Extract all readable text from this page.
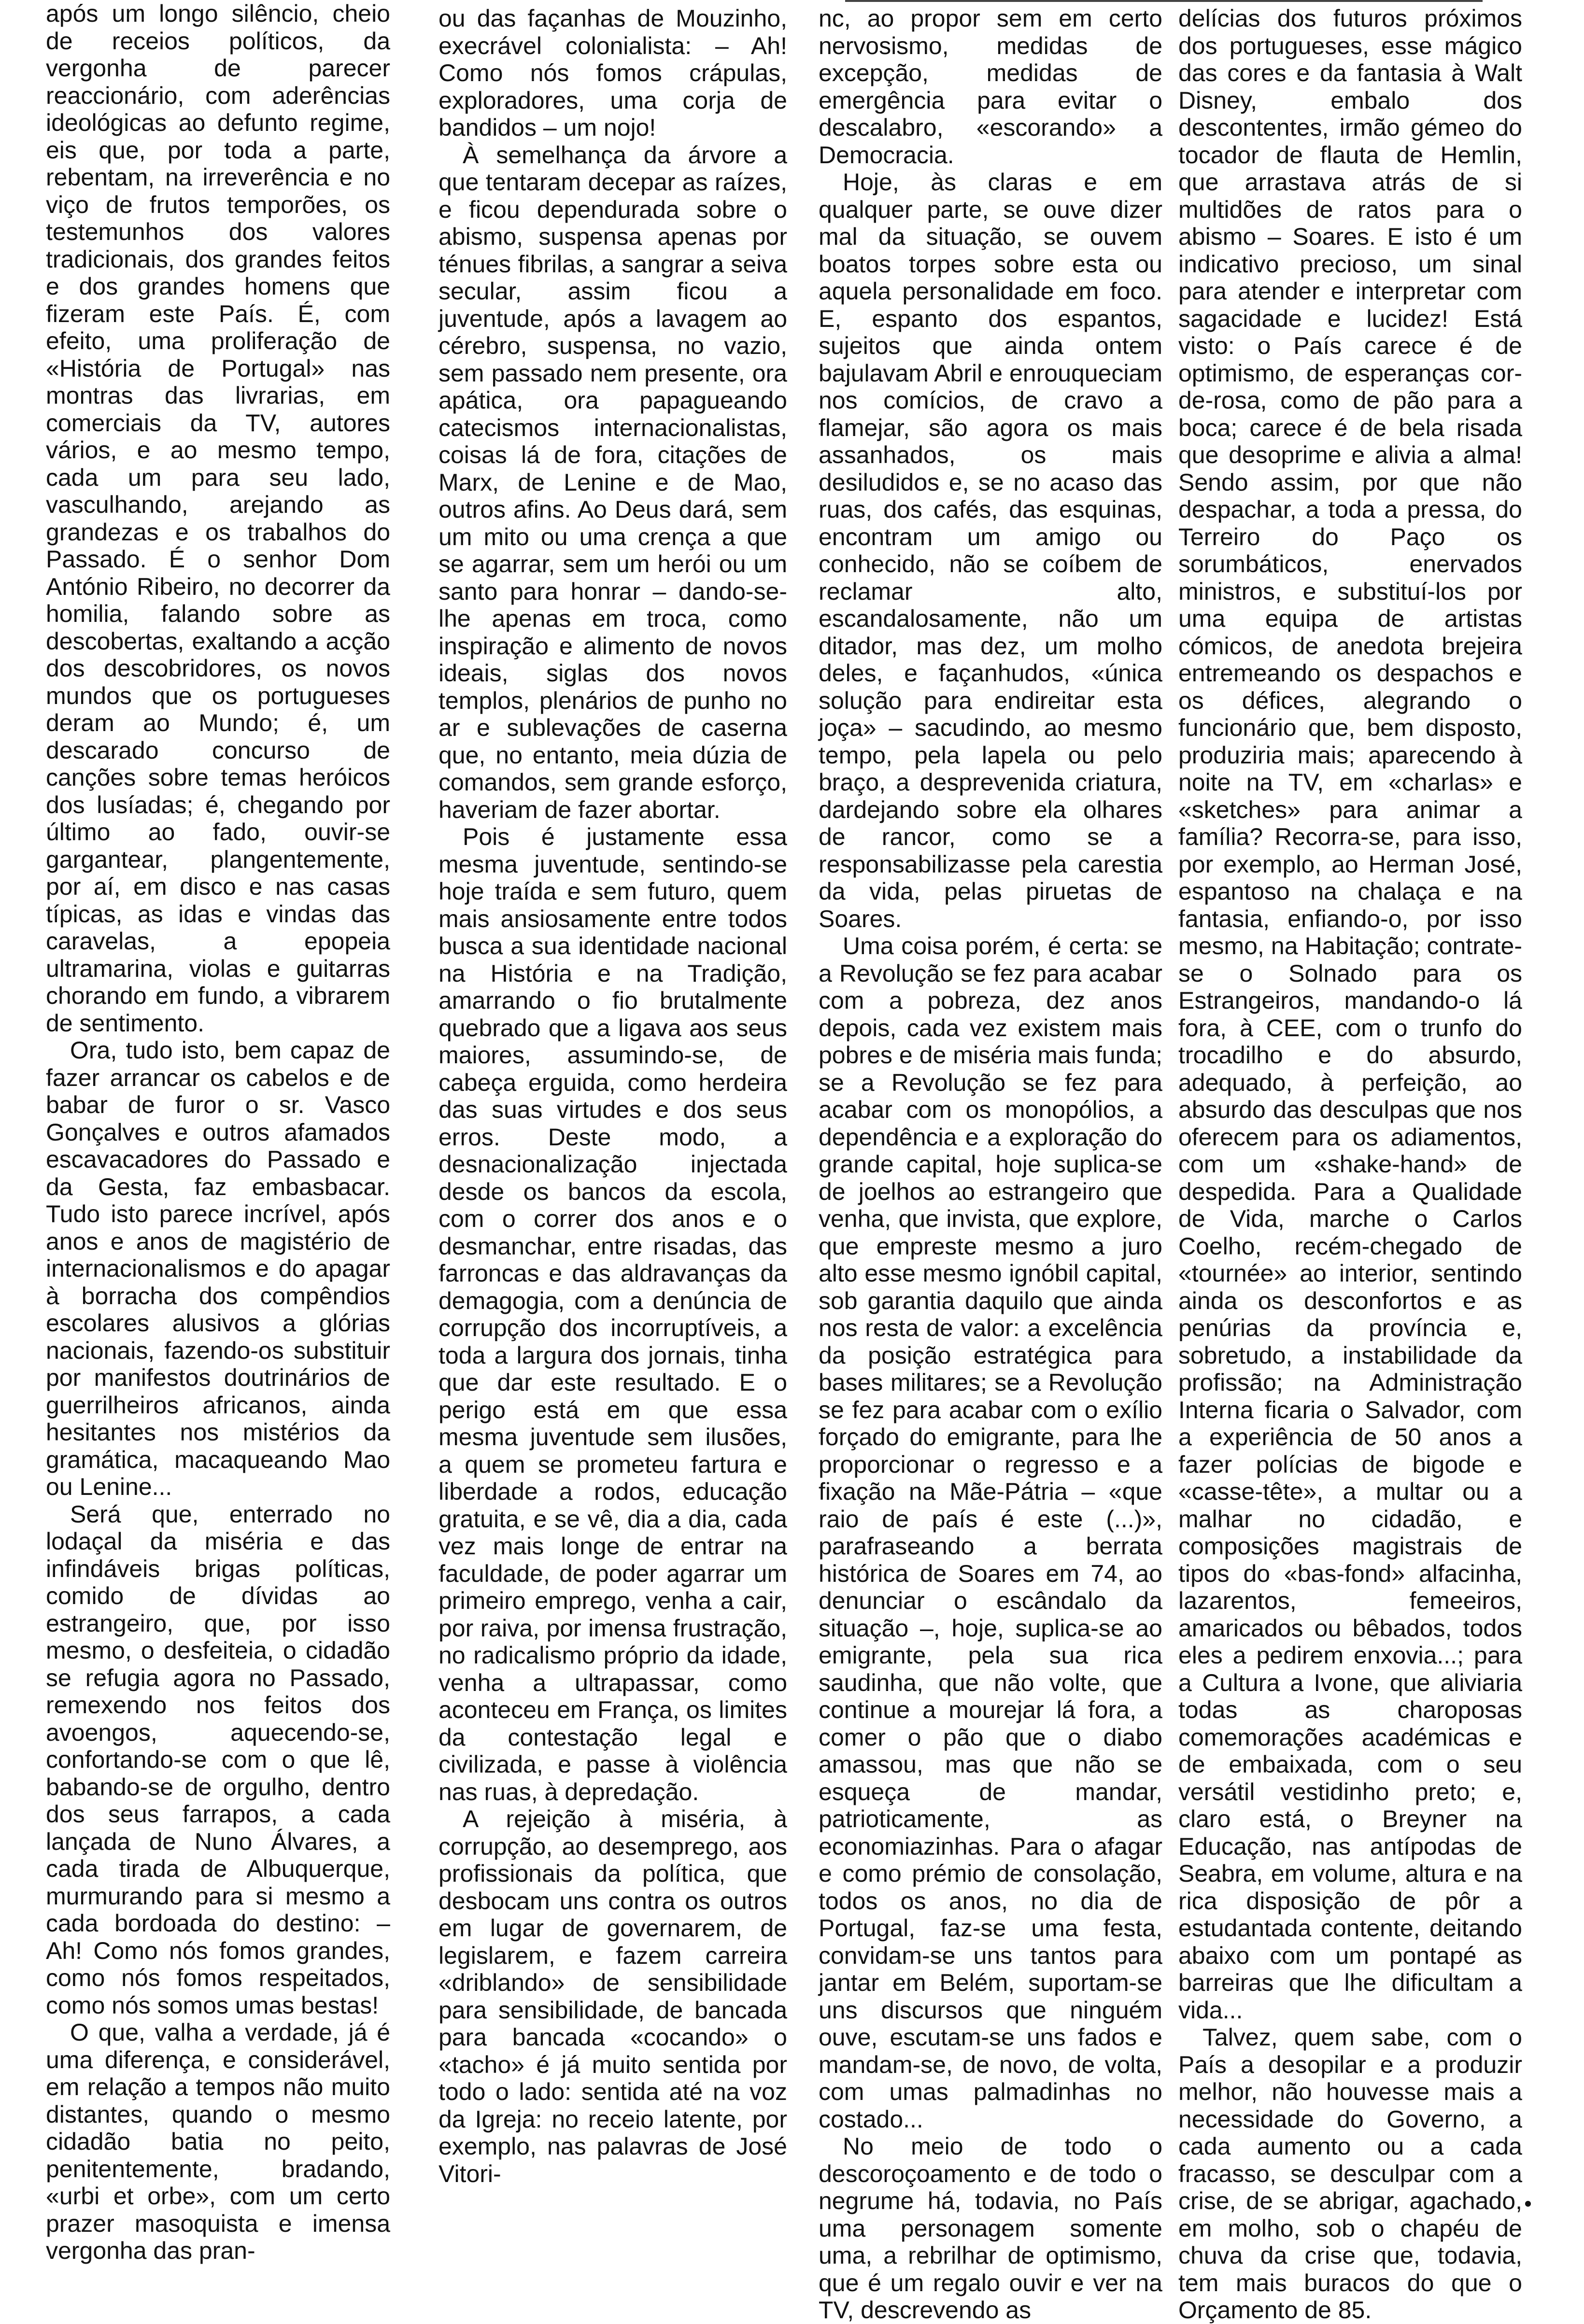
após um longo silêncio, cheio de receios políticos, da vergonha de parecer reaccionário, com aderências ideológicas ao defunto regime, eis que, por toda a parte, rebentam, na irreverência e no viço de frutos temporões, os testemunhos dos valores tradicionais, dos grandes feitos e dos grandes homens que fizeram este País. É, com efeito, uma proliferação de «História de Portugal» nas montras das livrarias, em comerciais da TV, autores vários, e ao mesmo tempo, cada um para seu lado, vasculhando, arejando as grandezas e os trabalhos do Passado. É o senhor Dom António Ribeiro, no decorrer da homilia, falando sobre as descobertas, exaltando a acção dos descobridores, os novos mundos que os portugueses deram ao Mundo; é, um descarado concurso de canções sobre temas heróicos dos lusíadas; é, chegando por último ao fado, ouvir-se gargantear, plangentemente, por aí, em disco e nas casas típicas, as idas e vindas das caravelas, a epopeia ultramarina, violas e guitarras chorando em fundo, a vibrarem de sentimento.

Ora, tudo isto, bem capaz de fazer arrancar os cabelos e de babar de furor o sr. Vasco Gonçalves e outros afamados escavacadores do Passado e da Gesta, faz embasbacar. Tudo isto parece incrível, após anos e anos de magistério de internacionalismos e do apagar à borracha dos compêndios escolares alusivos a glórias nacionais, fazendo-os substituir por manifestos doutrinários de guerrilheiros africanos, ainda hesitantes nos mistérios da gramática, macaqueando Mao ou Lenine...

Será que, enterrado no lodaçal da miséria e das infindáveis brigas políticas, comido de dívidas ao estrangeiro, que, por isso mesmo, o desfeiteia, o cidadão se refugia agora no Passado, remexendo nos feitos dos avoengos, aquecendo-se, confortando-se com o que lê, babando-se de orgulho, dentro dos seus farrapos, a cada lançada de Nuno Álvares, a cada tirada de Albuquerque, murmurando para si mesmo a cada bordoada do destino: – Ah! Como nós fomos grandes, como nós fomos respeitados, como nós somos umas bestas!

O que, valha a verdade, já é uma diferença, e considerável, em relação a tempos não muito distantes, quando o mesmo cidadão batia no peito, penitentemente, bradando, «urbi et orbe», com um certo prazer masoquista e imensa vergonha das pran-

ou das façanhas de Mouzinho, execrável colonialista: – Ah! Como nós fomos crápulas, exploradores, uma corja de bandidos – um nojo!

À semelhança da árvore a que tentaram decepar as raízes, e ficou dependurada sobre o abismo, suspensa apenas por ténues fibrilas, a sangrar a seiva secular, assim ficou a juventude, após a lavagem ao cérebro, suspensa, no vazio, sem passado nem presente, ora apática, ora papagueando catecismos internacionalistas, coisas lá de fora, citações de Marx, de Lenine e de Mao, outros afins. Ao Deus dará, sem um mito ou uma crença a que se agarrar, sem um herói ou um santo para honrar – dando-se-lhe apenas em troca, como inspiração e alimento de novos ideais, siglas dos novos templos, plenários de punho no ar e sublevações de caserna que, no entanto, meia dúzia de comandos, sem grande esforço, haveriam de fazer abortar.

Pois é justamente essa mesma juventude, sentindo-se hoje traída e sem futuro, quem mais ansiosamente entre todos busca a sua identidade nacional na História e na Tradição, amarrando o fio brutalmente quebrado que a ligava aos seus maiores, assumindo-se, de cabeça erguida, como herdeira das suas virtudes e dos seus erros. Deste modo, a desnacionalização injectada desde os bancos da escola, com o correr dos anos e o desmanchar, entre risadas, das farroncas e das aldravanças da demagogia, com a denúncia de corrupção dos incorruptíveis, a toda a largura dos jornais, tinha que dar este resultado. E o perigo está em que essa mesma juventude sem ilusões, a quem se prometeu fartura e liberdade a rodos, educação gratuita, e se vê, dia a dia, cada vez mais longe de entrar na faculdade, de poder agarrar um primeiro emprego, venha a cair, por raiva, por imensa frustração, no radicalismo próprio da idade, venha a ultrapassar, como aconteceu em França, os limites da contestação legal e civilizada, e passe à violência nas ruas, à depredação.

A rejeição à miséria, à corrupção, ao desemprego, aos profissionais da política, que desbocam uns contra os outros em lugar de governarem, de legislarem, e fazem carreira «driblando» de sensibilidade para sensibilidade, de bancada para bancada «cocando» o «tacho» é já muito sentida por todo o lado: sentida até na voz da Igreja: no receio latente, por exemplo, nas palavras de José Vitori-

nc, ao propor sem em certo nervosismo, medidas de excepção, medidas de emergência para evitar o descalabro, «escorando» a Democracia.

Hoje, às claras e em qualquer parte, se ouve dizer mal da situação, se ouvem boatos torpes sobre esta ou aquela personalidade em foco. E, espanto dos espantos, sujeitos que ainda ontem bajulavam Abril e enrouqueciam nos comícios, de cravo a flamejar, são agora os mais assanhados, os mais desiludidos e, se no acaso das ruas, dos cafés, das esquinas, encontram um amigo ou conhecido, não se coíbem de reclamar alto, escandalosamente, não um ditador, mas dez, um molho deles, e façanhudos, «única solução para endireitar esta joça» – sacudindo, ao mesmo tempo, pela lapela ou pelo braço, a desprevenida criatura, dardejando sobre ela olhares de rancor, como se a responsabilizasse pela carestia da vida, pelas piruetas de Soares.

Uma coisa porém, é certa: se a Revolução se fez para acabar com a pobreza, dez anos depois, cada vez existem mais pobres e de miséria mais funda; se a Revolução se fez para acabar com os monopólios, a dependência e a exploração do grande capital, hoje suplica-se de joelhos ao estrangeiro que venha, que invista, que explore, que empreste mesmo a juro alto esse mesmo ignóbil capital, sob garantia daquilo que ainda nos resta de valor: a excelência da posição estratégica para bases militares; se a Revolução se fez para acabar com o exílio forçado do emigrante, para lhe proporcionar o regresso e a fixação na Mãe-Pátria – «que raio de país é este (...)», parafraseando a berrata histórica de Soares em 74, ao denunciar o escândalo da situação –, hoje, suplica-se ao emigrante, pela sua rica saudinha, que não volte, que continue a mourejar lá fora, a comer o pão que o diabo amassou, mas que não se esqueça de mandar, patrioticamente, as economiazinhas. Para o afagar e como prémio de consolação, todos os anos, no dia de Portugal, faz-se uma festa, convidam-se uns tantos para jantar em Belém, suportam-se uns discursos que ninguém ouve, escutam-se uns fados e mandam-se, de novo, de volta, com umas palmadinhas no costado...

No meio de todo o descoroçoamento e de todo o negrume há, todavia, no País uma personagem somente uma, a rebrilhar de optimismo, que é um regalo ouvir e ver na TV, descrevendo as

delícias dos futuros próximos dos portugueses, esse mágico das cores e da fantasia à Walt Disney, embalo dos descontentes, irmão gémeo do tocador de flauta de Hemlin, que arrastava atrás de si multidões de ratos para o abismo – Soares. E isto é um indicativo precioso, um sinal para atender e interpretar com sagacidade e lucidez! Está visto: o País carece é de optimismo, de esperanças cor-de-rosa, como de pão para a boca; carece é de bela risada que desoprime e alivia a alma! Sendo assim, por que não despachar, a toda a pressa, do Terreiro do Paço os sorumbáticos, enervados ministros, e substituí-los por uma equipa de artistas cómicos, de anedota brejeira entremeando os despachos e os défices, alegrando o funcionário que, bem disposto, produziria mais; aparecendo à noite na TV, em «charlas» e «sketches» para animar a família? Recorra-se, para isso, por exemplo, ao Herman José, espantoso na chalaça e na fantasia, enfiando-o, por isso mesmo, na Habitação; contrate-se o Solnado para os Estrangeiros, mandando-o lá fora, à CEE, com o trunfo do trocadilho e do absurdo, adequado, à perfeição, ao absurdo das desculpas que nos oferecem para os adiamentos, com um «shake-hand» de despedida. Para a Qualidade de Vida, marche o Carlos Coelho, recém-chegado de «tournée» ao interior, sentindo ainda os desconfortos e as penúrias da província e, sobretudo, a instabilidade da profissão; na Administração Interna ficaria o Salvador, com a experiência de 50 anos a fazer polícias de bigode e «casse-tête», a multar ou a malhar no cidadão, e composições magistrais de tipos do «bas-fond» alfacinha, lazarentos, femeeiros, amaricados ou bêbados, todos eles a pedirem enxovia...; para a Cultura a Ivone, que aliviaria todas as charoposas comemorações académicas e de embaixada, com o seu versátil vestidinho preto; e, claro está, o Breyner na Educação, nas antípodas de Seabra, em volume, altura e na rica disposição de pôr a estudantada contente, deitando abaixo com um pontapé as barreiras que lhe dificultam a vida...

Talvez, quem sabe, com o País a desopilar e a produzir melhor, não houvesse mais a necessidade do Governo, a cada aumento ou a cada fracasso, se desculpar com a crise, de se abrigar, agachado, em molho, sob o chapéu de chuva da crise que, todavia, tem mais buracos do que o Orçamento de 85.
